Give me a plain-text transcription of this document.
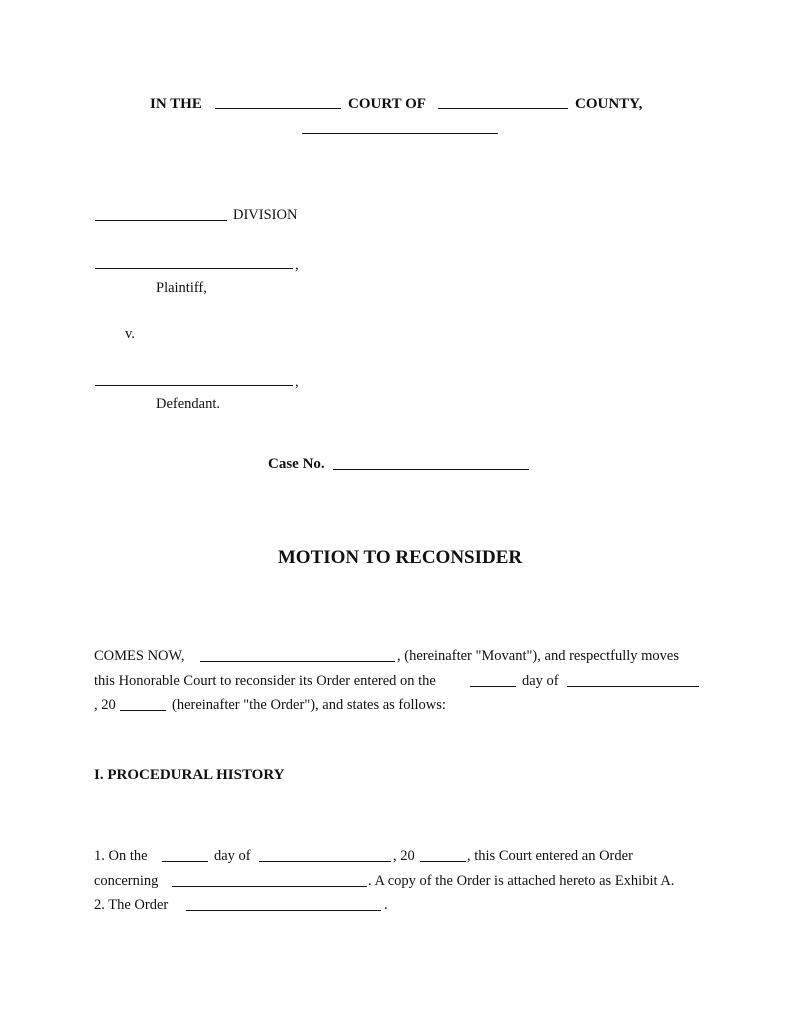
IN THE	COURT OF	COUNTY,
DIVISION
,
Plaintiff,
v.
,
Defendant.
Case No.
MOTION TO RECONSIDER
COMES NOW,	, (hereinafter "Movant"), and respectfully moves
this Honorable Court to reconsider its Order entered on the	day of
, 20	(hereinafter "the Order"), and states as follows:
I. PROCEDURAL HISTORY
1. On the	day of	, 20	, this Court entered an Order
concerning	. A copy of the Order is attached hereto as Exhibit A.
2. The Order	.
